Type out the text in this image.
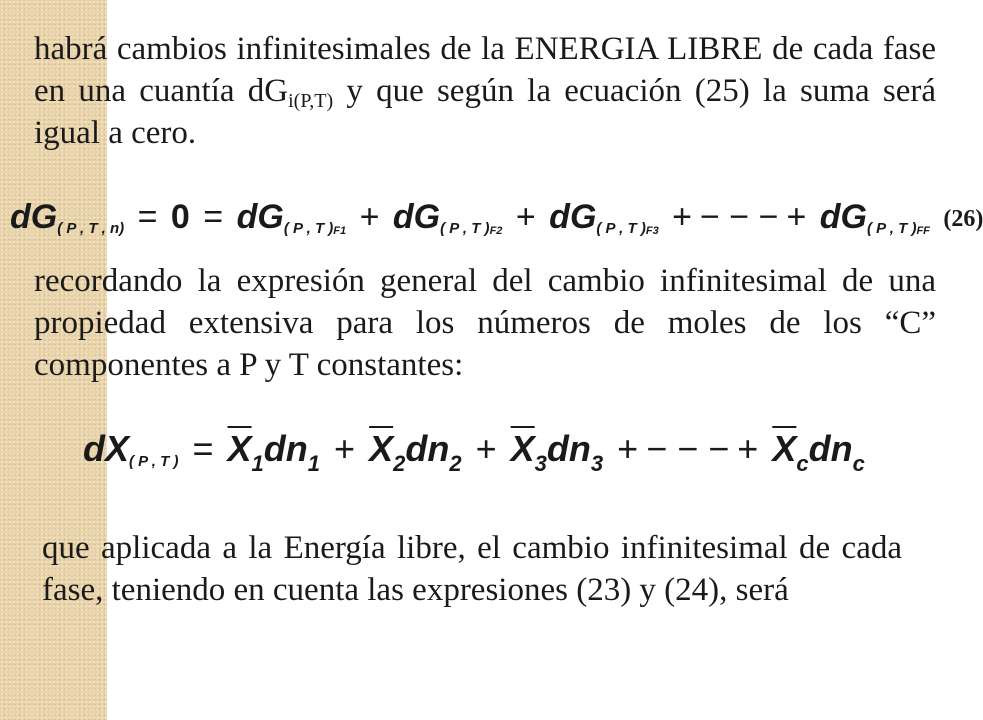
habrá cambios infinitesimales de la ENERGIA LIBRE de cada fase en una cuantía $dG_{i(P,T)}$ y que según la ecuación (25) la suma será igual a cero.

$dG_{( P , T , n)} = 0 = dG_{( P , T )}F1 + dG_{( P , T )}F2 + dG_{( P , T )}F3$ + − − − + $dG_{( P , T )}FF$ (26)

recordando la expresión general del cambio infinitesimal de una propiedad extensiva para los números de moles de los “C” componentes a P y T constantes:

$dX_{( P , T )} = \overline{X}_1dn_1 + \overline{X}_2dn_2 + \overline{X}_3dn_3$ + − − − + $\overline{X}_cdn_c$

que aplicada a la Energía libre, el cambio infinitesimal de cada fase, teniendo en cuenta las expresiones (23) y (24), será
